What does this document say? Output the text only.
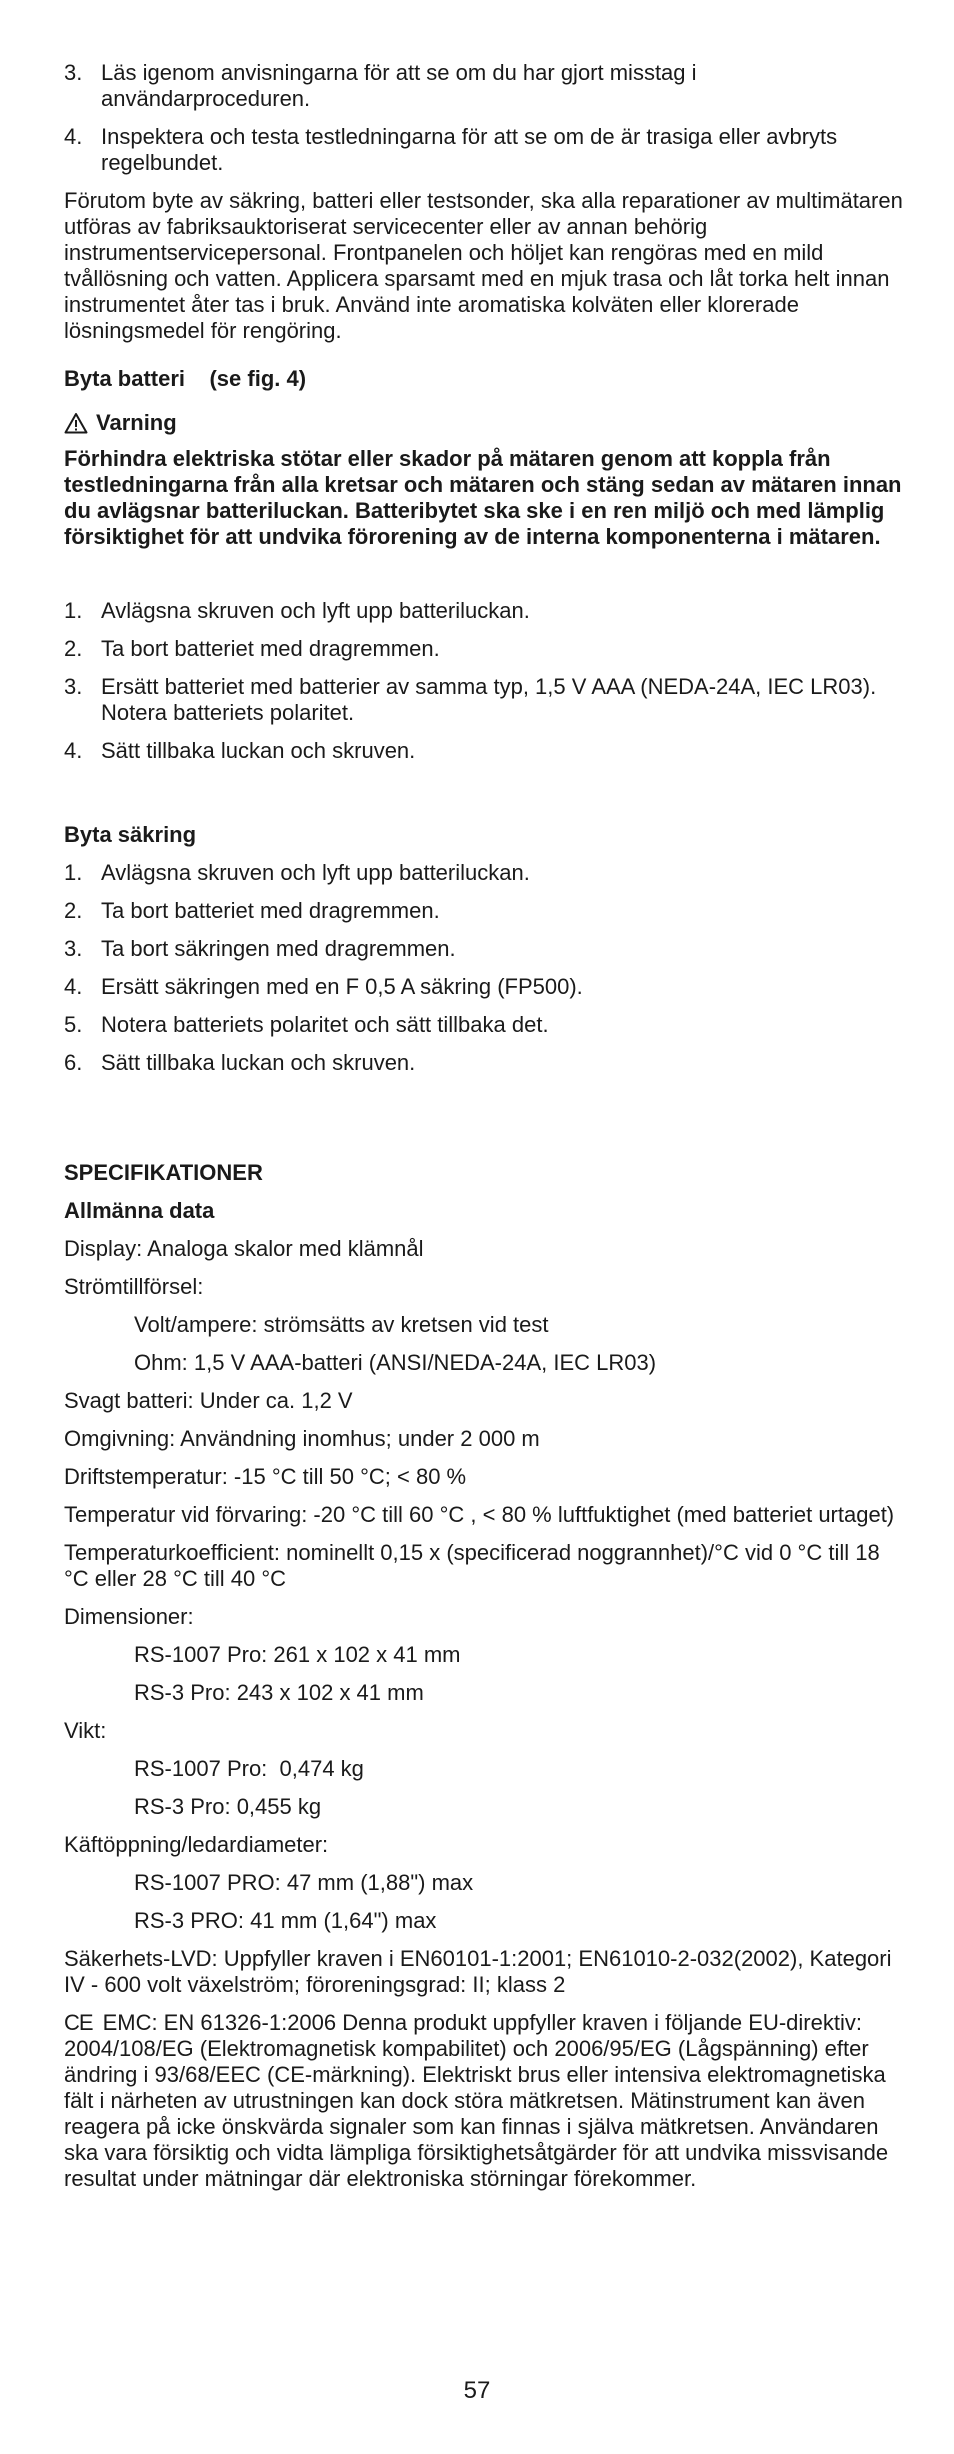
3. Läs igenom anvisningarna för att se om du har gjort misstag i användarproceduren.
4. Inspektera och testa testledningarna för att se om de är trasiga eller avbryts regelbundet.

Förutom byte av säkring, batteri eller testsonder, ska alla reparationer av multimätaren utföras av fabriksauktoriserat servicecenter eller av annan behörig instrumentservicepersonal. Frontpanelen och höljet kan rengöras med en mild tvållösning och vatten. Applicera sparsamt med en mjuk trasa och låt torka helt innan instrumentet åter tas i bruk. Använd inte aromatiska kolväten eller klorerade lösningsmedel för rengöring.

Byta batteri    (se fig. 4)

Varning

Förhindra elektriska stötar eller skador på mätaren genom att koppla från testledningarna från alla kretsar och mätaren och stäng sedan av mätaren innan du avlägsnar batteriluckan. Batteribytet ska ske i en ren miljö och med lämplig försiktighet för att undvika förorening av de interna komponenterna i mätaren.

1. Avlägsna skruven och lyft upp batteriluckan.
2. Ta bort batteriet med dragremmen.
3. Ersätt batteriet med batterier av samma typ, 1,5 V AAA (NEDA-24A, IEC LR03). Notera batteriets polaritet.
4. Sätt tillbaka luckan och skruven.

Byta säkring

1. Avlägsna skruven och lyft upp batteriluckan.
2. Ta bort batteriet med dragremmen.
3. Ta bort säkringen med dragremmen.
4. Ersätt säkringen med en F 0,5 A säkring (FP500).
5. Notera batteriets polaritet och sätt tillbaka det.
6. Sätt tillbaka luckan och skruven.

SPECIFIKATIONER

Allmänna data

Display: Analoga skalor med klämnål

Strömtillförsel:

Volt/ampere: strömsätts av kretsen vid test

Ohm: 1,5 V AAA-batteri (ANSI/NEDA-24A, IEC LR03)

Svagt batteri: Under ca. 1,2 V

Omgivning: Användning inomhus; under 2 000 m

Driftstemperatur: -15 °C till 50 °C; < 80 %

Temperatur vid förvaring: -20 °C till 60 °C , < 80 % luftfuktighet (med batteriet urtaget)

Temperaturkoefficient: nominellt 0,15 x (specificerad noggrannhet)/°C vid 0 °C till 18 °C eller 28 °C till 40 °C

Dimensioner:

RS-1007 Pro: 261 x 102 x 41 mm

RS-3 Pro: 243 x 102 x 41 mm

Vikt:

RS-1007 Pro:  0,474 kg

RS-3 Pro: 0,455 kg

Käftöppning/ledardiameter:

RS-1007 PRO: 47 mm (1,88") max

RS-3 PRO: 41 mm (1,64") max

Säkerhets-LVD: Uppfyller kraven i EN60101-1:2001; EN61010-2-032(2002), Kategori IV - 600 volt växelström; föroreningsgrad: II; klass 2

CE EMC: EN 61326-1:2006 Denna produkt uppfyller kraven i följande EU-direktiv: 2004/108/EG (Elektromagnetisk kompabilitet) och 2006/95/EG (Lågspänning) efter ändring i 93/68/EEC (CE-märkning). Elektriskt brus eller intensiva elektromagnetiska fält i närheten av utrustningen kan dock störa mätkretsen. Mätinstrument kan även reagera på icke önskvärda signaler som kan finnas i själva mätkretsen. Användaren ska vara försiktig och vidta lämpliga försiktighetsåtgärder för att undvika missvisande resultat under mätningar där elektroniska störningar förekommer.

57
